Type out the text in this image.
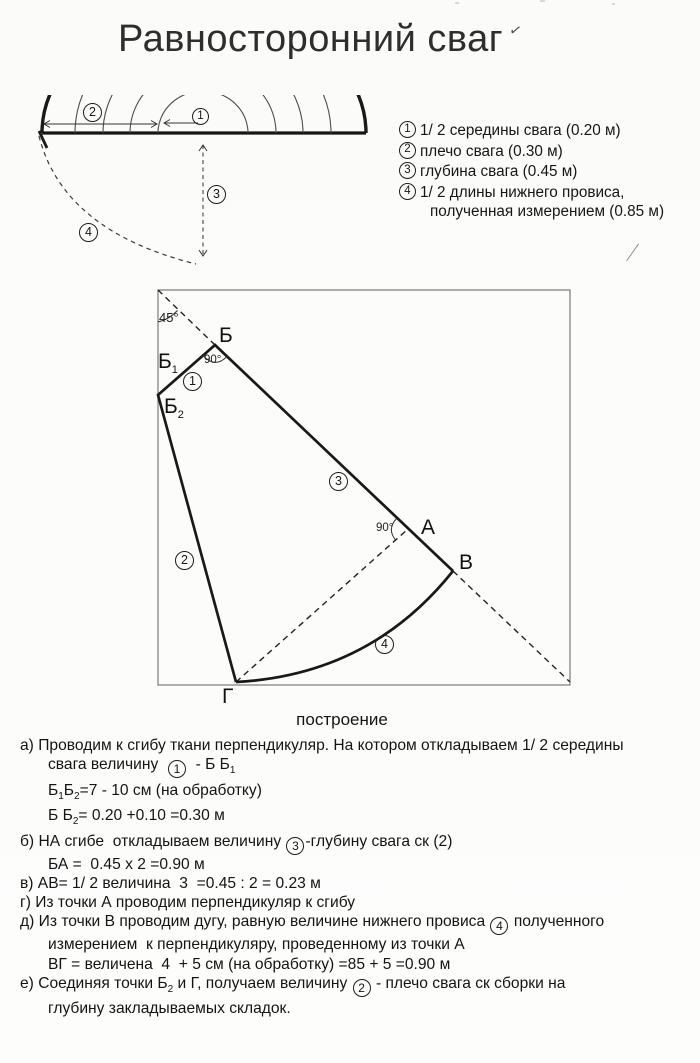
Равносторонний сваг ✓
2	1
3
4
1 1/ 2 середины свага (0.20 м)
2 плечо свага (0.30 м)
3 глубина свага (0.45 м)
4 1/ 2 длины нижнего провиса,
полученная измерением (0.85 м)
45°
Б
90°
$Б_1$
1
$Б_2$
2
3
90° А
В
4
Г
построение
а) Проводим к сгибу ткани перпендикуляр. На котором откладываем 1/ 2 середины
свага величину  1  - Б $Б_1$
$Б_1Б_2=7 - 10$ см (на обработку)
Б $Б_2= 0.20 +0.10 =0.30$ м
б) НА сгибе  откладываем величину 3 -глубину свага ск (2)
БА =  0.45 x 2 =0.90 м
в) АВ= 1/ 2 величина  3  =0.45 : 2 = 0.23 м
г) Из точки А проводим перпендикуляр к сгибу
д) Из точки В проводим дугу, равную величине нижнего провиса 4 полученного
измерением  к перпендикуляру, проведенному из точки А
ВГ = величена  4  + 5 см (на обработку) =85 + 5 =0.90 м
е) Соединяя точки $Б_2$ и Г, получаем величину 2 - плечо свага ск сборки на
глубину закладываемых складок.
